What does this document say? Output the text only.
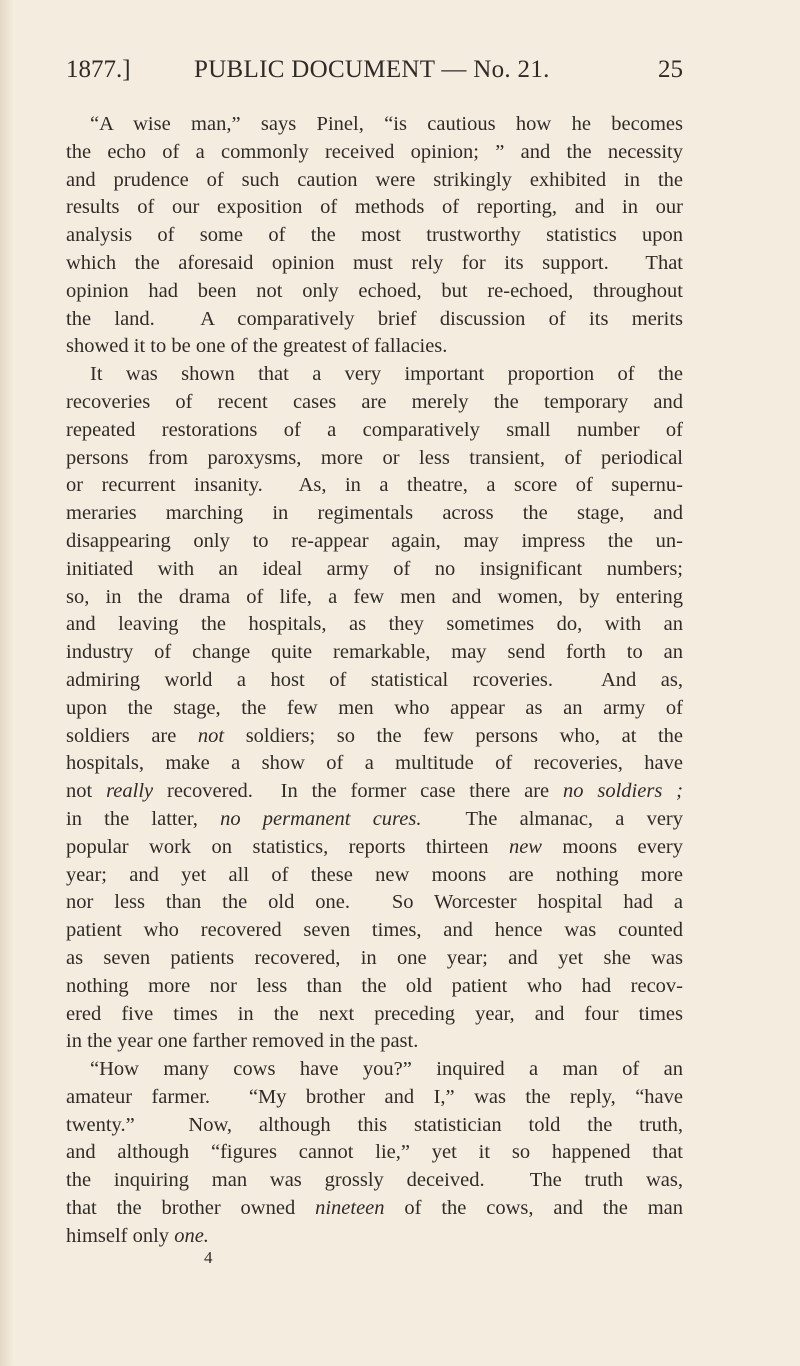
1877.]	PUBLIC DOCUMENT — No. 21.	25
“A wise man,” says Pinel, “is cautious how he becomes
the echo of a commonly received opinion; ” and the necessity
and prudence of such caution were strikingly exhibited in the
results of our exposition of methods of reporting, and in our
analysis of some of the most trustworthy statistics upon
which the aforesaid opinion must rely for its support.  That
opinion had been not only echoed, but re-echoed, throughout
the land.  A comparatively brief discussion of its merits
showed it to be one of the greatest of fallacies.
It was shown that a very important proportion of the
recoveries of recent cases are merely the temporary and
repeated restorations of a comparatively small number of
persons from paroxysms, more or less transient, of periodical
or recurrent insanity.  As, in a theatre, a score of supernu-
meraries marching in regimentals across the stage, and
disappearing only to re-appear again, may impress the un-
initiated with an ideal army of no insignificant numbers;
so, in the drama of life, a few men and women, by entering
and leaving the hospitals, as they sometimes do, with an
industry of change quite remarkable, may send forth to an
admiring world a host of statistical rcoveries.  And as,
upon the stage, the few men who appear as an army of
soldiers are not soldiers; so the few persons who, at the
hospitals, make a show of a multitude of recoveries, have
not really recovered.  In the former case there are no soldiers ;
in the latter, no permanent cures.  The almanac, a very
popular work on statistics, reports thirteen new moons every
year; and yet all of these new moons are nothing more
nor less than the old one.  So Worcester hospital had a
patient who recovered seven times, and hence was counted
as seven patients recovered, in one year; and yet she was
nothing more nor less than the old patient who had recov-
ered five times in the next preceding year, and four times
in the year one farther removed in the past.
“How many cows have you?” inquired a man of an
amateur farmer.  “My brother and I,” was the reply, “have
twenty.”  Now, although this statistician told the truth,
and although “figures cannot lie,” yet it so happened that
the inquiring man was grossly deceived.  The truth was,
that the brother owned nineteen of the cows, and the man
himself only one.
4
